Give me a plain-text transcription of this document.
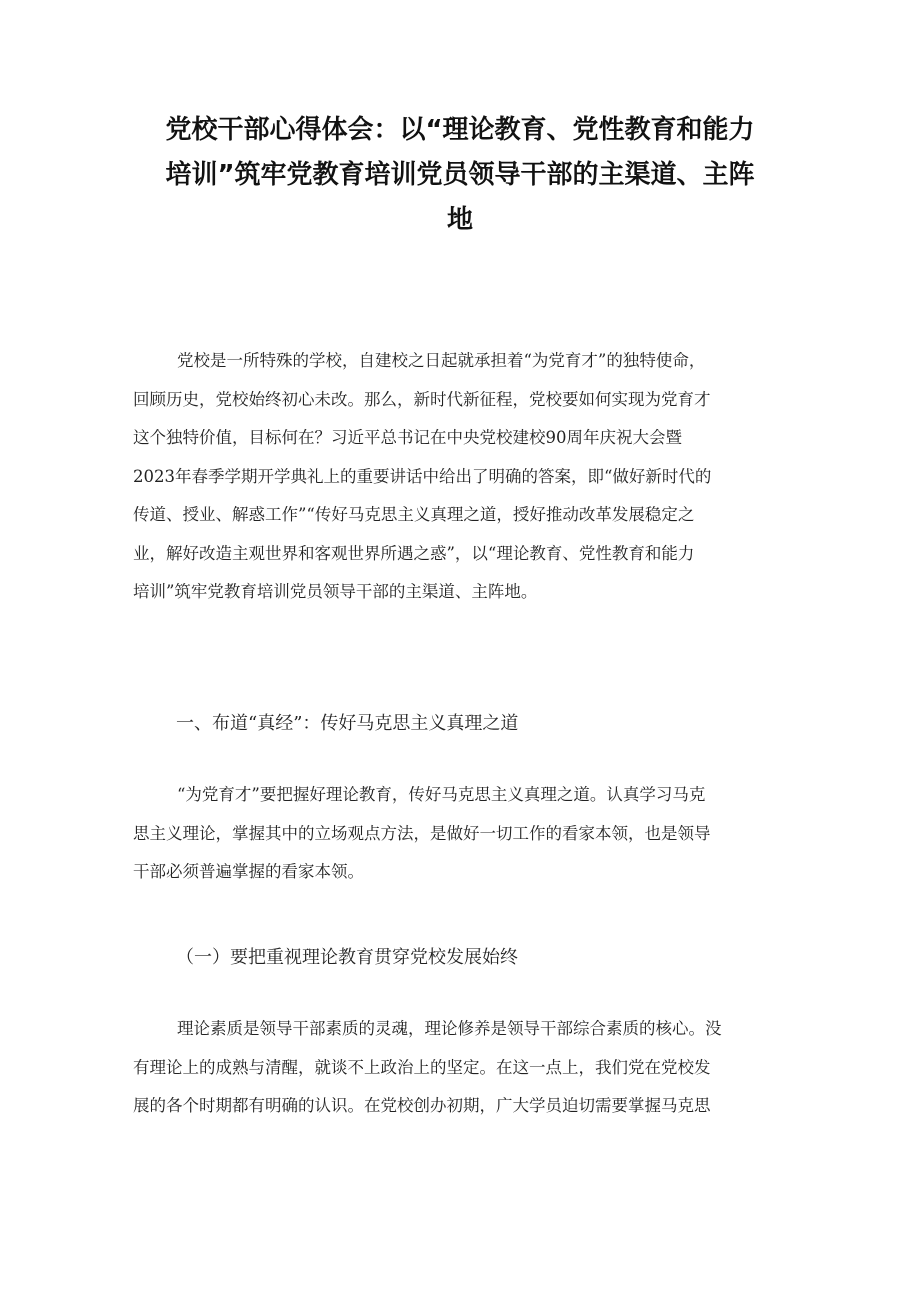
党校干部心得体会：以“理论教育、党性教育和能力
培训”筑牢党教育培训党员领导干部的主渠道、主阵
地
党校是一所特殊的学校，自建校之日起就承担着“为党育才”的独特使命，
回顾历史，党校始终初心未改。那么，新时代新征程，党校要如何实现为党育才
这个独特价值，目标何在？习近平总书记在中央党校建校90周年庆祝大会暨
2023年春季学期开学典礼上的重要讲话中给出了明确的答案，即“做好新时代的
传道、授业、解惑工作”“传好马克思主义真理之道，授好推动改革发展稳定之
业，解好改造主观世界和客观世界所遇之惑”，以“理论教育、党性教育和能力
培训”筑牢党教育培训党员领导干部的主渠道、主阵地。
一、布道“真经”：传好马克思主义真理之道
“为党育才”要把握好理论教育，传好马克思主义真理之道。认真学习马克
思主义理论，掌握其中的立场观点方法，是做好一切工作的看家本领，也是领导
干部必须普遍掌握的看家本领。
（一）要把重视理论教育贯穿党校发展始终
理论素质是领导干部素质的灵魂，理论修养是领导干部综合素质的核心。没
有理论上的成熟与清醒，就谈不上政治上的坚定。在这一点上，我们党在党校发
展的各个时期都有明确的认识。在党校创办初期，广大学员迫切需要掌握马克思
